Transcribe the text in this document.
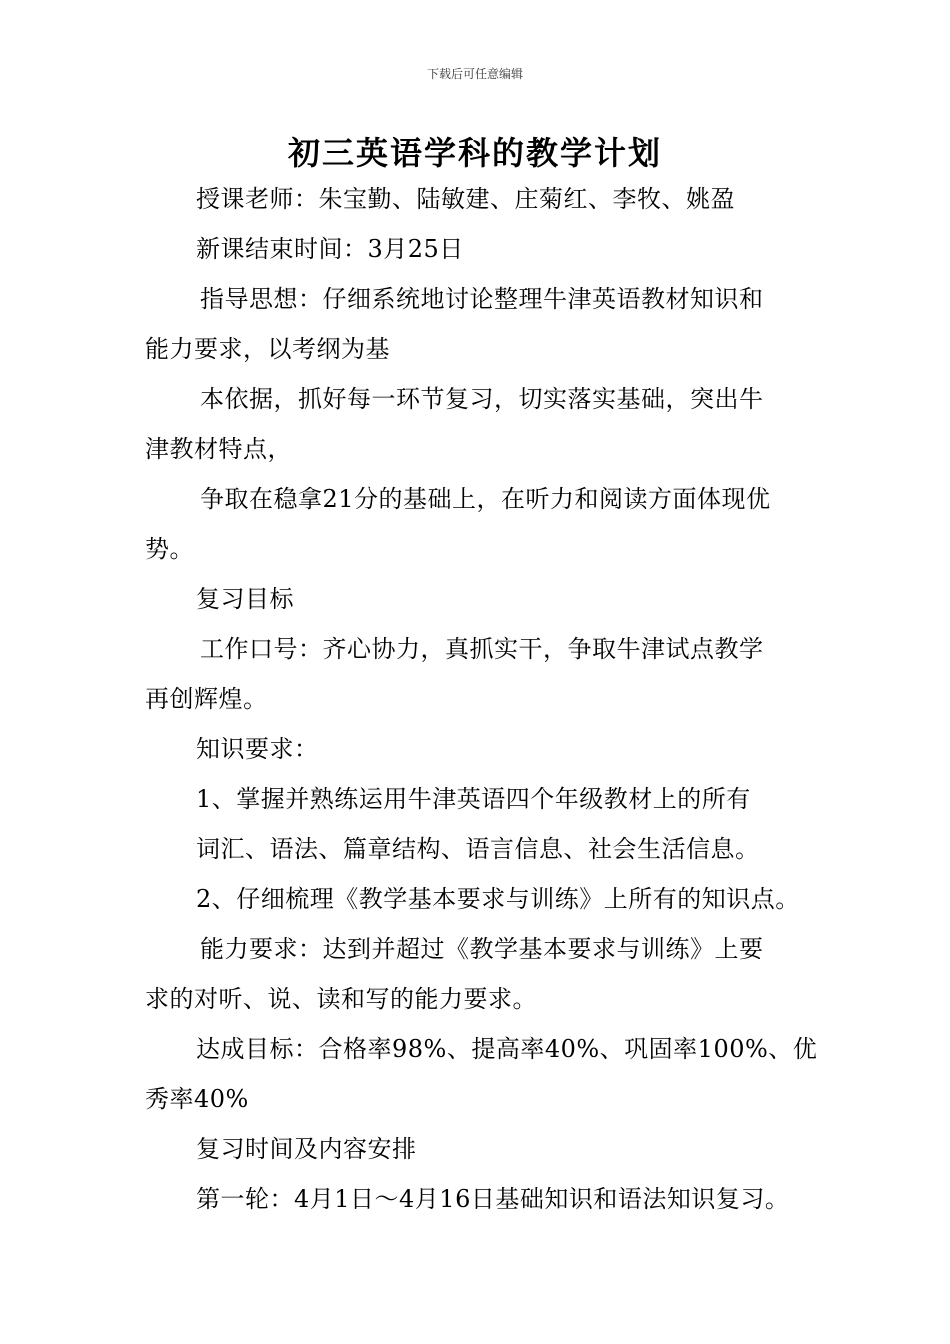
下载后可任意编辑
初三英语学科的教学计划
授课老师：朱宝勤、陆敏建、庄菊红、李牧、姚盈
新课结束时间：3月25日
指导思想：仔细系统地讨论整理牛津英语教材知识和
能力要求，以考纲为基
本依据，抓好每一环节复习，切实落实基础，突出牛
津教材特点，
争取在稳拿21分的基础上，在听力和阅读方面体现优
势。
复习目标
工作口号：齐心协力，真抓实干，争取牛津试点教学
再创辉煌。
知识要求：
1、掌握并熟练运用牛津英语四个年级教材上的所有
词汇、语法、篇章结构、语言信息、社会生活信息。
2、仔细梳理《教学基本要求与训练》上所有的知识点。
能力要求：达到并超过《教学基本要求与训练》上要
求的对听、说、读和写的能力要求。
达成目标：合格率98%、提高率40%、巩固率100%、优
秀率40%
复习时间及内容安排
第一轮：4月1日～4月16日基础知识和语法知识复习。
